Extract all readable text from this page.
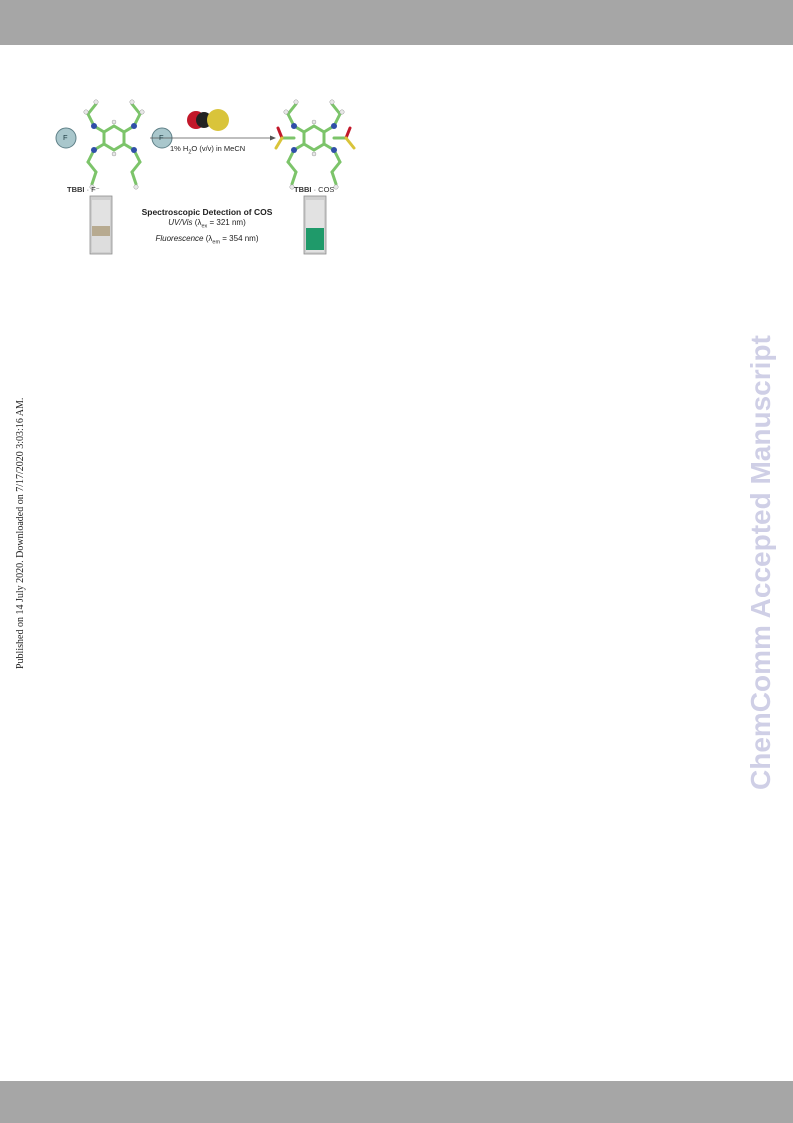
Published on 14 July 2020. Downloaded on 7/17/2020 3:03:16 AM.	ChemComm Accepted Manuscript
TBBI · F⁻	TBBI · COS
F	F
1% $H_2O$ (v/v) in MeCN
Spectroscopic Detection of COS
UV/Vis ($\lambda_{ex} = 321$ nm)
Fluorescence ($\lambda_{em} = 354$ nm)
